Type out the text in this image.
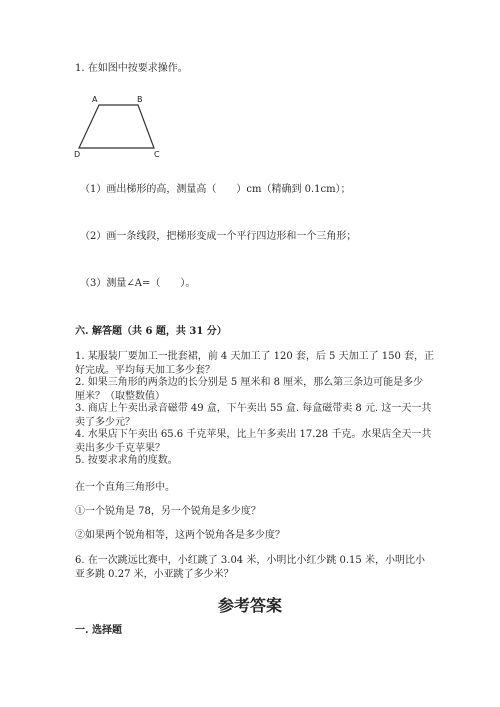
1. 在如图中按要求操作。
A	B
C
D
（1）画出梯形的高，测量高（　　）cm（精确到 0.1cm）；
（2）画一条线段，把梯形变成一个平行四边形和一个三角形；
（3）测量∠A=（　　）。
六. 解答题（共 6 题，共 31 分）
1. 某服装厂要加工一批套裙，前 4 天加工了 120 套，后 5 天加工了 150 套，正
好完成。平均每天加工多少套？
2. 如果三角形的两条边的长分别是 5 厘米和 8 厘米，那么第三条边可能是多少
厘米？（取整数值）
3. 商店上午卖出录音磁带 49 盒，下午卖出 55 盒. 每盒磁带卖 8 元. 这一天一共
卖了多少元？
4. 水果店下午卖出 65.6 千克苹果，比上午多卖出 17.28 千克。水果店全天一共
卖出多少千克苹果？
5. 按要求求角的度数。
在一个直角三角形中。
①一个锐角是 78，另一个锐角是多少度？
②如果两个锐角相等，这两个锐角各是多少度？
6. 在一次跳远比赛中，小红跳了 3.04 米，小明比小红少跳 0.15 米，小明比小
亚多跳 0.27 米，小亚跳了多少米？
参考答案
一. 选择题
